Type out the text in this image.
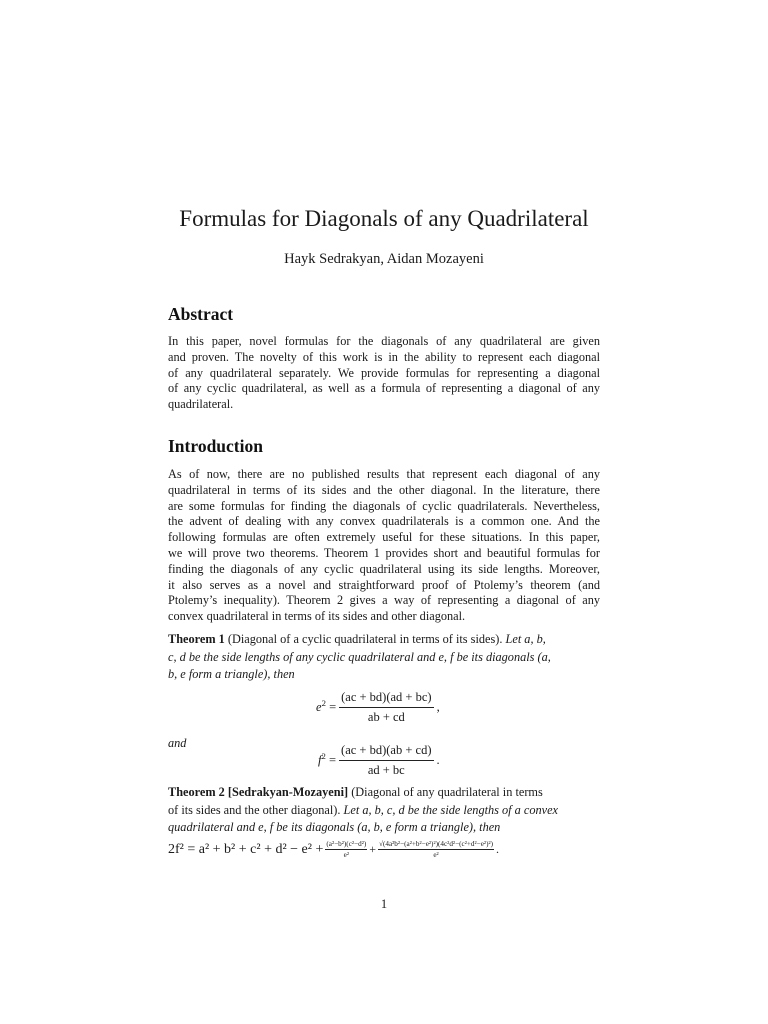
Formulas for Diagonals of any Quadrilateral
Hayk Sedrakyan, Aidan Mozayeni
Abstract
In this paper, novel formulas for the diagonals of any quadrilateral are given
and proven. The novelty of this work is in the ability to represent each diagonal
of any quadrilateral separately. We provide formulas for representing a diagonal
of any cyclic quadrilateral, as well as a formula of representing a diagonal of any
quadrilateral.
Introduction
As of now, there are no published results that represent each diagonal of any
quadrilateral in terms of its sides and the other diagonal. In the literature, there
are some formulas for finding the diagonals of cyclic quadrilaterals. Nevertheless,
the advent of dealing with any convex quadrilaterals is a common one. And the
following formulas are often extremely useful for these situations. In this paper,
we will prove two theorems. Theorem 1 provides short and beautiful formulas for
finding the diagonals of any cyclic quadrilateral using its side lengths. Moreover,
it also serves as a novel and straightforward proof of Ptolemy’s theorem (and
Ptolemy’s inequality). Theorem 2 gives a way of representing a diagonal of any
convex quadrilateral in terms of its sides and other diagonal.
Theorem 1 (Diagonal of a cyclic quadrilateral in terms of its sides). Let a, b,
c, d be the side lengths of any cyclic quadrilateral and e, f be its diagonals (a,
b, e form a triangle), then
$e^2 = \frac{(ac + bd)(ad + bc)}{ab + cd}$ ,
and
$f^2 = \frac{(ac + bd)(ab + cd)}{ad + bc}$ .
Theorem 2 [Sedrakyan-Mozayeni] (Diagonal of any quadrilateral in terms
of its sides and the other diagonal). Let a, b, c, d be the side lengths of a convex
quadrilateral and e, f be its diagonals (a, b, e form a triangle), then
$2f^2 = a^2 + b^2 + c^2 + d^2 - e^2 + \frac{\text{(a²−b²)(c²−d²)}}{\text{e²}} + \frac{\text{√(4a²b²−(a²+b²−e²)²)(4c²d²−(c²+d²−e²)²)}}{\text{e²}}$ .
1
